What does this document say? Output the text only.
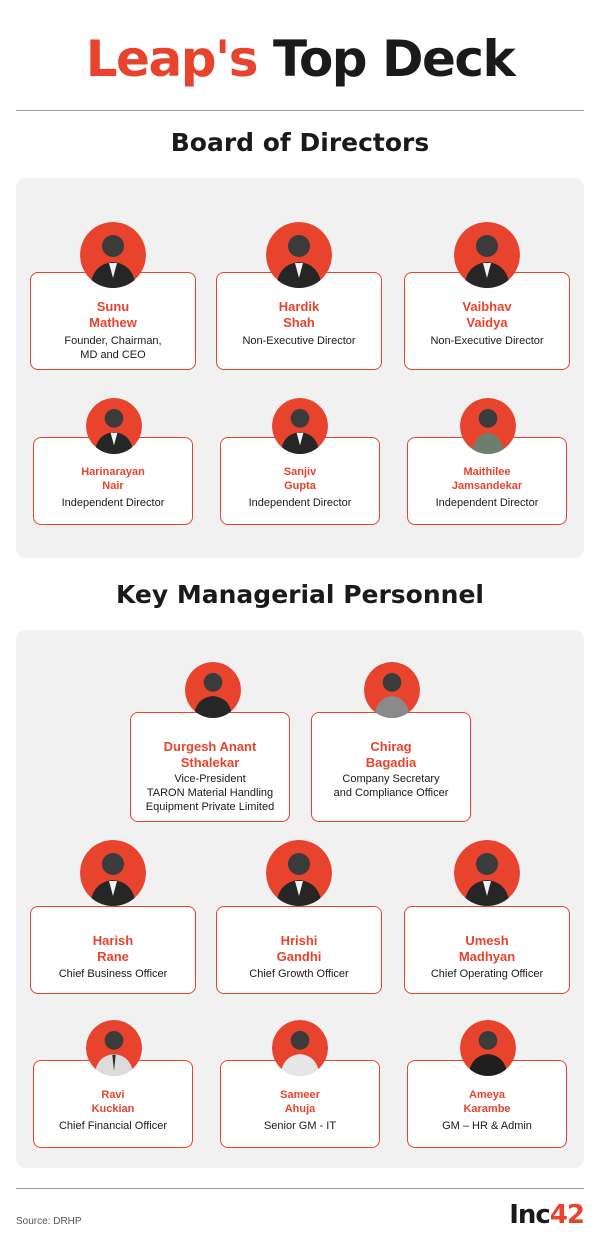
Leap's Top Deck
Board of Directors
Sunu
Mathew
Founder, Chairman,
MD and CEO
Hardik
Shah
Non-Executive Director
Vaibhav
Vaidya
Non-Executive Director
Harinarayan
Nair
Independent Director
Sanjiv
Gupta
Independent Director
Maithilee
Jamsandekar
Independent Director
Key Managerial Personnel
Durgesh Anant
Sthalekar
Vice-President
TARON Material Handling
Equipment Private Limited
Chirag
Bagadia
Company Secretary
and Compliance Officer
Harish
Rane
Chief Business Officer
Hrishi
Gandhi
Chief Growth Officer
Umesh
Madhyan
Chief Operating Officer
Ravi
Kuckian
Chief Financial Officer
Sameer
Ahuja
Senior GM - IT
Ameya
Karambe
GM – HR & Admin
Source: DRHP	Inc42
